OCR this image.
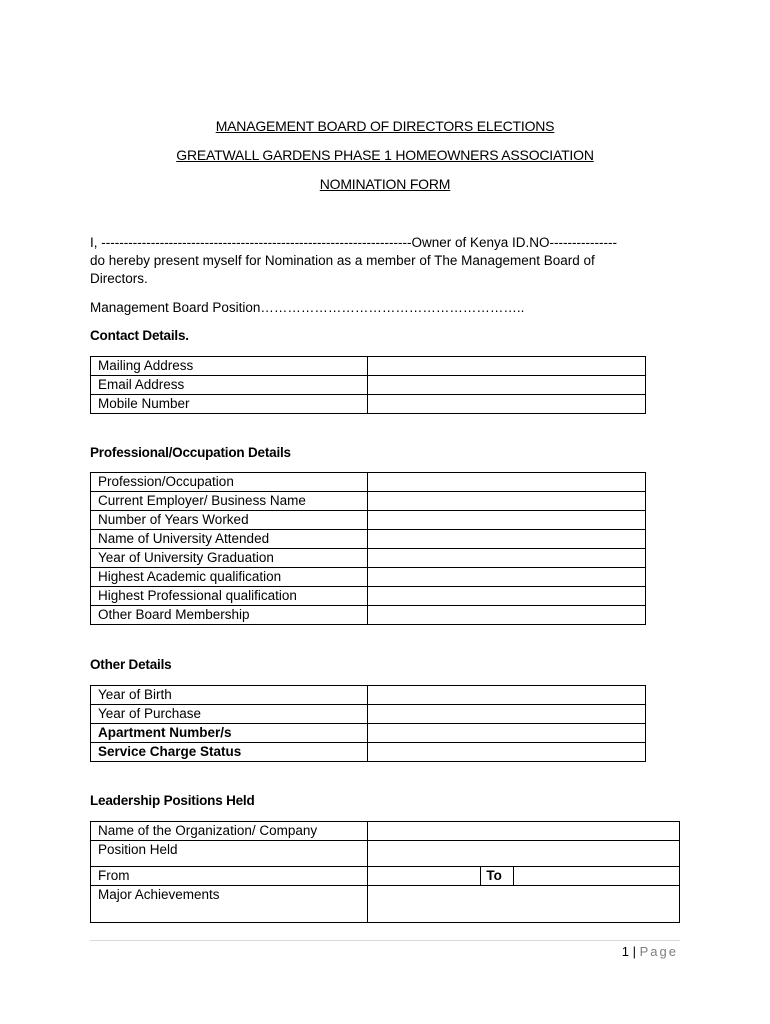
MANAGEMENT BOARD OF DIRECTORS ELECTIONS
GREATWALL GARDENS PHASE 1 HOMEOWNERS ASSOCIATION
NOMINATION FORM
I, ---------------------------------------------------------------------Owner of Kenya ID.NO---------------
do hereby present myself for Nomination as a member of The Management Board of
Directors.
Management Board Position…………………………………………………..
Contact Details.
Mailing Address	
Email Address	
Mobile Number	
Professional/Occupation Details
Profession/Occupation	
Current Employer/ Business Name	
Number of Years Worked	
Name of University Attended	
Year of University Graduation	
Highest Academic qualification	
Highest Professional qualification	
Other Board Membership	
Other Details
Year of Birth	
Year of Purchase	
Apartment Number/s	
Service Charge Status	
Leadership Positions Held
Name of the Organization/ Company			
Position Held			
From		To	
Major Achievements			
1 | Page
